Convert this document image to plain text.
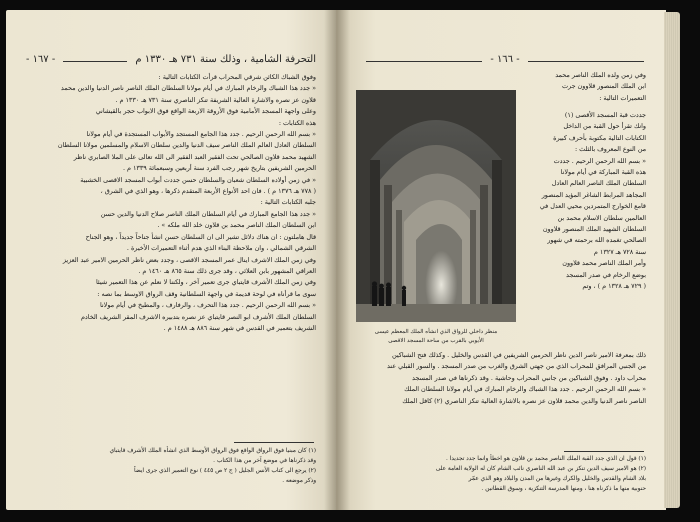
التحرفة الشامية ، وذلك سنة ٧٣١ هـ ١٣٣٠ م
- ١٦٧ -
وفوق الشباك الكائن شرقي المحراب قرأت الكتابات التالية :
« جدد هذا الشباك والرخام المبارك في أيام مولانا السلطان الملك الناصر ناصر الدنيا والدين محمد
قلاون عز نصره والاشارة العالية الشريفة تنكز الناصري سنة ٧٣١ هـ ١٣٣٠ م .
وعلى واجهة المسجد الأمامية فوق الأروقة الاربعة الواقع فوق الابواب حجر بالقيشاني
هذه الكتابات :
« بسم الله الرحمن الرحيم . جدد هذا الجامع المستجد والأبواب المستجدة في أيام مولانا
السلطان العادل العالم الملك الناصر سيف الدنيا والدين سلطان الاسلام والمسلمين مولانا السلطان
الشهيد محمد قلاون الصالحي تحت الفقير العبد الفقير الى الله تعالى على الملا الصابري ناظر
الحرمين الشريفين بتاريخ شهر رجب الفرد سنة أربعين وسبعمائة ١٣٣٩ م .
« في زمن أولاده السلطان شعبان والسلطان حسن جددت أبواب المسجد الاقصى الخشبية
( ٧٧٨ هـ ١٣٧٦ م ) . فان احد الأنواع الأربعة المتقدم ذكرها ، وهو الذي في الشرق ،
جلبه الكتابات التالية :
« جدد هذا الجامع المبارك في أيام السلطان الملك الناصر صلاح الدنيا والدين حسن
ابن السلطان الملك الناصر محمد بن قلاون خلد الله ملكه » .
قال هاملتون : ان هناك دلائل تشير الى ان السلطان حسن انشأ جناحاً جديداً ، وهو الجناح
الشرقي الشمالي ، وان ملاحظة البناء الذي هدم أثناء التعميرات الأخيرة .
وفي زمن الملك الاشرف اينال عمر المسجد الاقصى ، وجدد بعض ناظر الحرمين الامير عبد العزيز
العراقي المشهور بابن العلائي ، وقد جرى ذلك سنة ٨٦٥ هـ ١٤٦٠ م .
وفي زمن الملك الأشرف قايتباي جرى تعمير آخر ، ولكننا لا نعلم عن هذا التعمير شيئا
سوى ما قرأناه في لوحة قديمة في واجهة السلطانية وقف الرواق الاوسط بما نصه :
« بسم الله الرحمن الرحيم . جدد هذا التحرف ، والرفارف ، والمطبخ في أيام مولانا
السلطان الملك الأشرف ابو النصر قايتباي عز نصره بتدبيره الاشرف المقر الشريف الخادم
الشريف بتعمير في القدس في شهر سنة ٨٨٦ هـ ١٤٨٨ م .
(١) كان مبنيا فوق الرواق الواقع فوق الرواق الأوسط الذي انشأه الملك الأشرف قايتباي
وقد ذكرناها في موضع آخر من هذا الكتاب .
(٢) يرجع الى كتاب الأنس الجليل ( ج ٢ ص ٤٤٥ ) نوع التعمير الذي جرى ايضاً
وذكر موضعه .
- ١٦٦ -
وفي زمن ولده الملك الناصر محمد
ابن الملك المنصور قلاوون جرت
التعميرات التالية :
منظر داخلي للرواق الذي انشأه الملك المعظم عيسى
الأيوبي بالقرب من ساحة المسجد الاقصى
جددت قبة المسجد الأقصى (١)
وانك تقرأ حول القبة من الداخل
الكتابات التالية مكتوبة بأحرف كبيرة
من النوع المعروف بالثلث :
« بسم الله الرحمن الرحيم . جددت
هذه القبة المباركة في أيام مولانا
السلطان الملك الناصر العالم العادل
المجاهد المرابط الشاغر المؤيد المنصور
قامع الخوارج المتمردين محيي العدل في
العالمين سلطان الاسلام محمد بن
السلطان الشهيد الملك المنصور قلاوون
الصالحي تغمده الله برحمته في شهور
سنة ٧٢٨ هـ ١٣٢٧ م
وأمر الملك الناصر محمد قلاوون
بوضع الرخام في صدر المسجد
( ٧٢٩ هـ ١٣٢٨ م ) ، وتم
ذلك بمعرفة الامير ناصر الدين ناظر الحرمين الشريفين في القدس والخليل . وكذلك فتح الشباكين
من الجنبي المرافق للمحراب الذي من جهتي الشرق والغرب من صدر المسجد . والسور القبلي عند
محراب داود . وفوق الشباكين من جانبي المحراب وحاشية . وقد ذكرناها في صدر المسجد
« بسم الله الرحمن الرحيم . جدد هذا الشباك والرخام المبارك في أيام مولانا السلطان الملك
الناصر ناصر الدنيا والدين محمد قلاون عز نصره بالاشارة العالية تنكز الناصري (٢) كافل الملك
(١) قول ان الذي جدد القبة الملك الناصر محمد بن قلاون هو اخطأ وانما جدد تجديدا .
(٢) هو الامير سيف الدين تنكز بن عبد الله الناصري نائب الشام كان له الولاية العامة على
بلاد الشام والقدس والخليل والكرك وغيرها من المدن والبلاد وهو الذي عمّر
حنوبية منها ما ذكرناه هنا ، ومنها المدرسة التنكزية ، وسوق القطانين .
